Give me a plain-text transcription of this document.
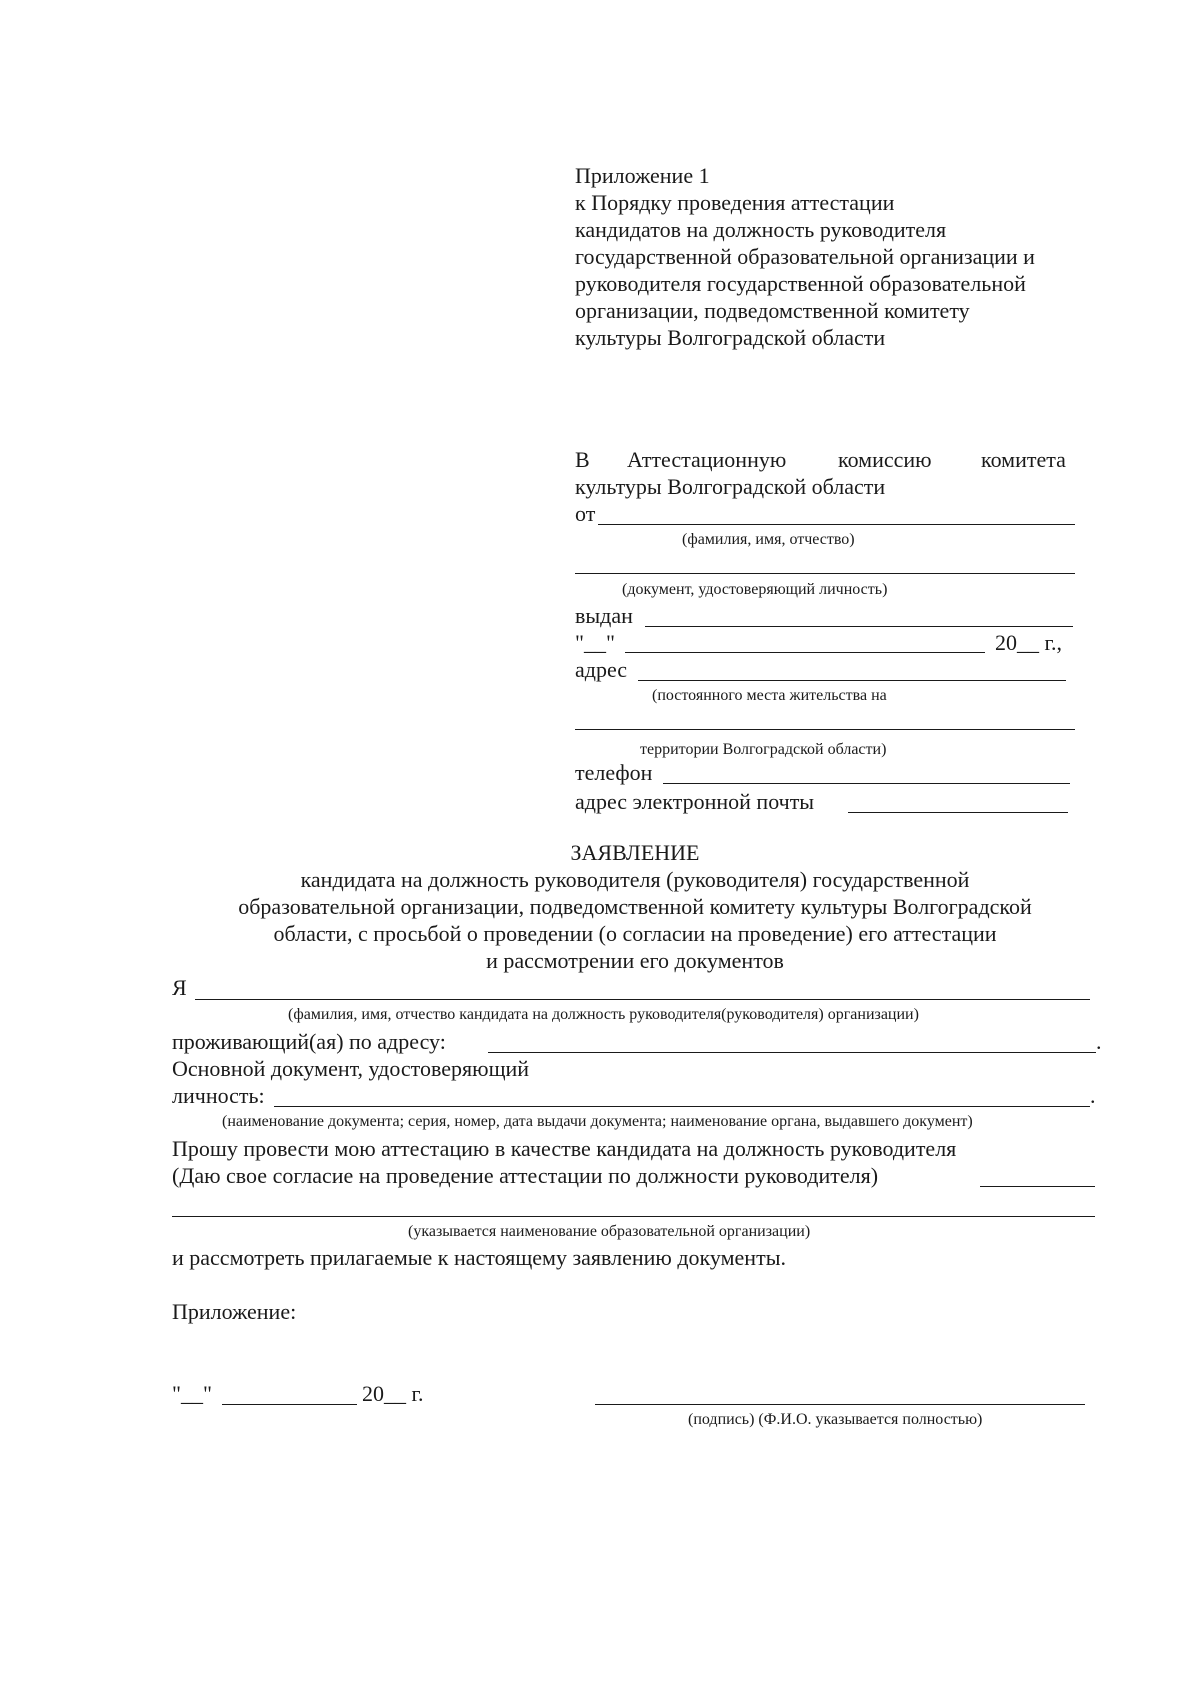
Приложение 1
к Порядку проведения аттестации
кандидатов на должность руководителя
государственной образовательной организации и
руководителя государственной образовательной
организации, подведомственной комитету
культуры Волгоградской области
В Аттестационную комиссию комитета
культуры Волгоградской области
от
(фамилия, имя, отчество)
(документ, удостоверяющий личность)
выдан
"__"	20__ г.,
адрес
(постоянного места жительства на
территории Волгоградской области)
телефон
адрес электронной почты
ЗАЯВЛЕНИЕ
кандидата на должность руководителя (руководителя) государственной
образовательной организации, подведомственной комитету культуры Волгоградской
области, с просьбой о проведении (о согласии на проведение) его аттестации
и рассмотрении его документов
Я
(фамилия, имя, отчество кандидата на должность руководителя(руководителя) организации)
проживающий(ая) по адресу:	.
Основной документ, удостоверяющий
личность:	.
(наименование документа; серия, номер, дата выдачи документа; наименование органа, выдавшего документ)
Прошу провести мою аттестацию в качестве кандидата на должность руководителя
(Даю свое согласие на проведение аттестации по должности руководителя)
(указывается наименование образовательной организации)
и рассмотреть прилагаемые к настоящему заявлению документы.
Приложение:
"__"	20__ г.
(подпись) (Ф.И.О. указывается полностью)
